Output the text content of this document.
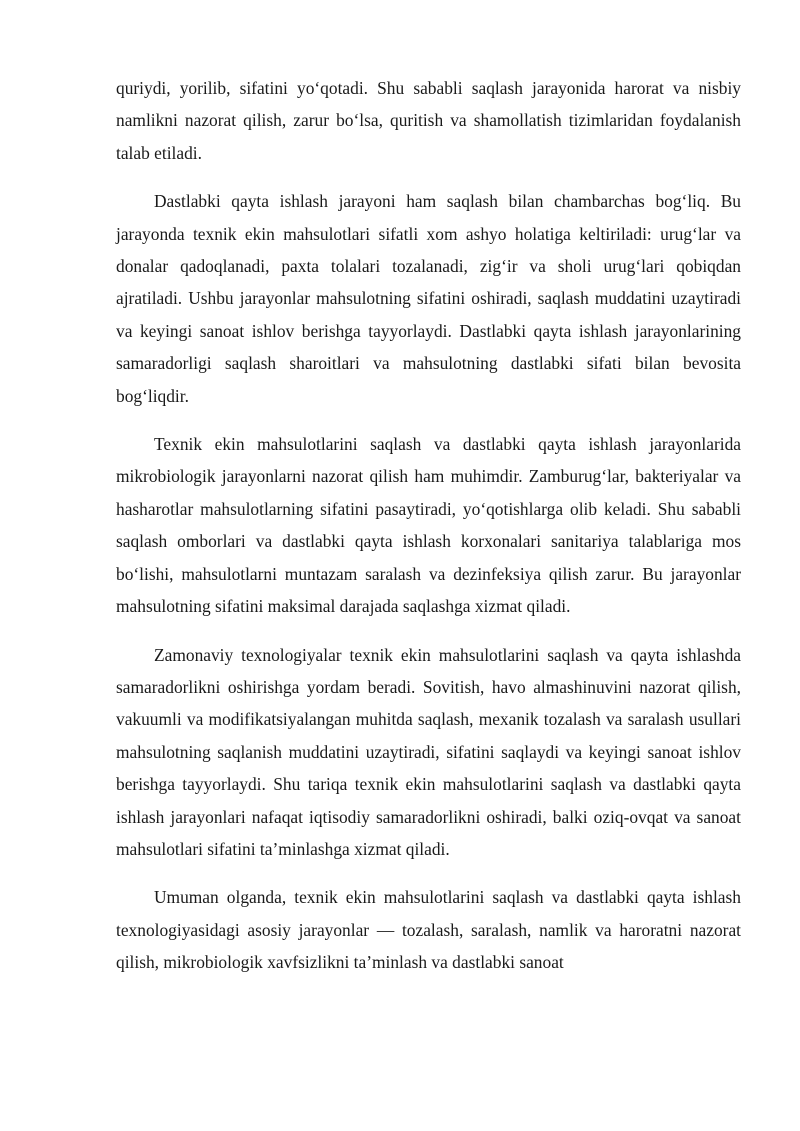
quriydi, yorilib, sifatini yo‘qotadi. Shu sababli saqlash jarayonida harorat va nisbiy namlikni nazorat qilish, zarur bo‘lsa, quritish va shamollatish tizimlaridan foydalanish talab etiladi.

Dastlabki qayta ishlash jarayoni ham saqlash bilan chambarchas bog‘liq. Bu jarayonda texnik ekin mahsulotlari sifatli xom ashyo holatiga keltiriladi: urug‘lar va donalar qadoqlanadi, paxta tolalari tozalanadi, zig‘ir va sholi urug‘lari qobiqdan ajratiladi. Ushbu jarayonlar mahsulotning sifatini oshiradi, saqlash muddatini uzaytiradi va keyingi sanoat ishlov berishga tayyorlaydi. Dastlabki qayta ishlash jarayonlarining samaradorligi saqlash sharoitlari va mahsulotning dastlabki sifati bilan bevosita bog‘liqdir.

Texnik ekin mahsulotlarini saqlash va dastlabki qayta ishlash jarayonlarida mikrobiologik jarayonlarni nazorat qilish ham muhimdir. Zamburug‘lar, bakteriyalar va hasharotlar mahsulotlarning sifatini pasaytiradi, yo‘qotishlarga olib keladi. Shu sababli saqlash omborlari va dastlabki qayta ishlash korxonalari sanitariya talablariga mos bo‘lishi, mahsulotlarni muntazam saralash va dezinfeksiya qilish zarur. Bu jarayonlar mahsulotning sifatini maksimal darajada saqlashga xizmat qiladi.

Zamonaviy texnologiyalar texnik ekin mahsulotlarini saqlash va qayta ishlashda samaradorlikni oshirishga yordam beradi. Sovitish, havo almashinuvini nazorat qilish, vakuumli va modifikatsiyalangan muhitda saqlash, mexanik tozalash va saralash usullari mahsulotning saqlanish muddatini uzaytiradi, sifatini saqlaydi va keyingi sanoat ishlov berishga tayyorlaydi. Shu tariqa texnik ekin mahsulotlarini saqlash va dastlabki qayta ishlash jarayonlari nafaqat iqtisodiy samaradorlikni oshiradi, balki oziq-ovqat va sanoat mahsulotlari sifatini ta’minlashga xizmat qiladi.

Umuman olganda, texnik ekin mahsulotlarini saqlash va dastlabki qayta ishlash texnologiyasidagi asosiy jarayonlar — tozalash, saralash, namlik va haroratni nazorat qilish, mikrobiologik xavfsizlikni ta’minlash va dastlabki sanoat
